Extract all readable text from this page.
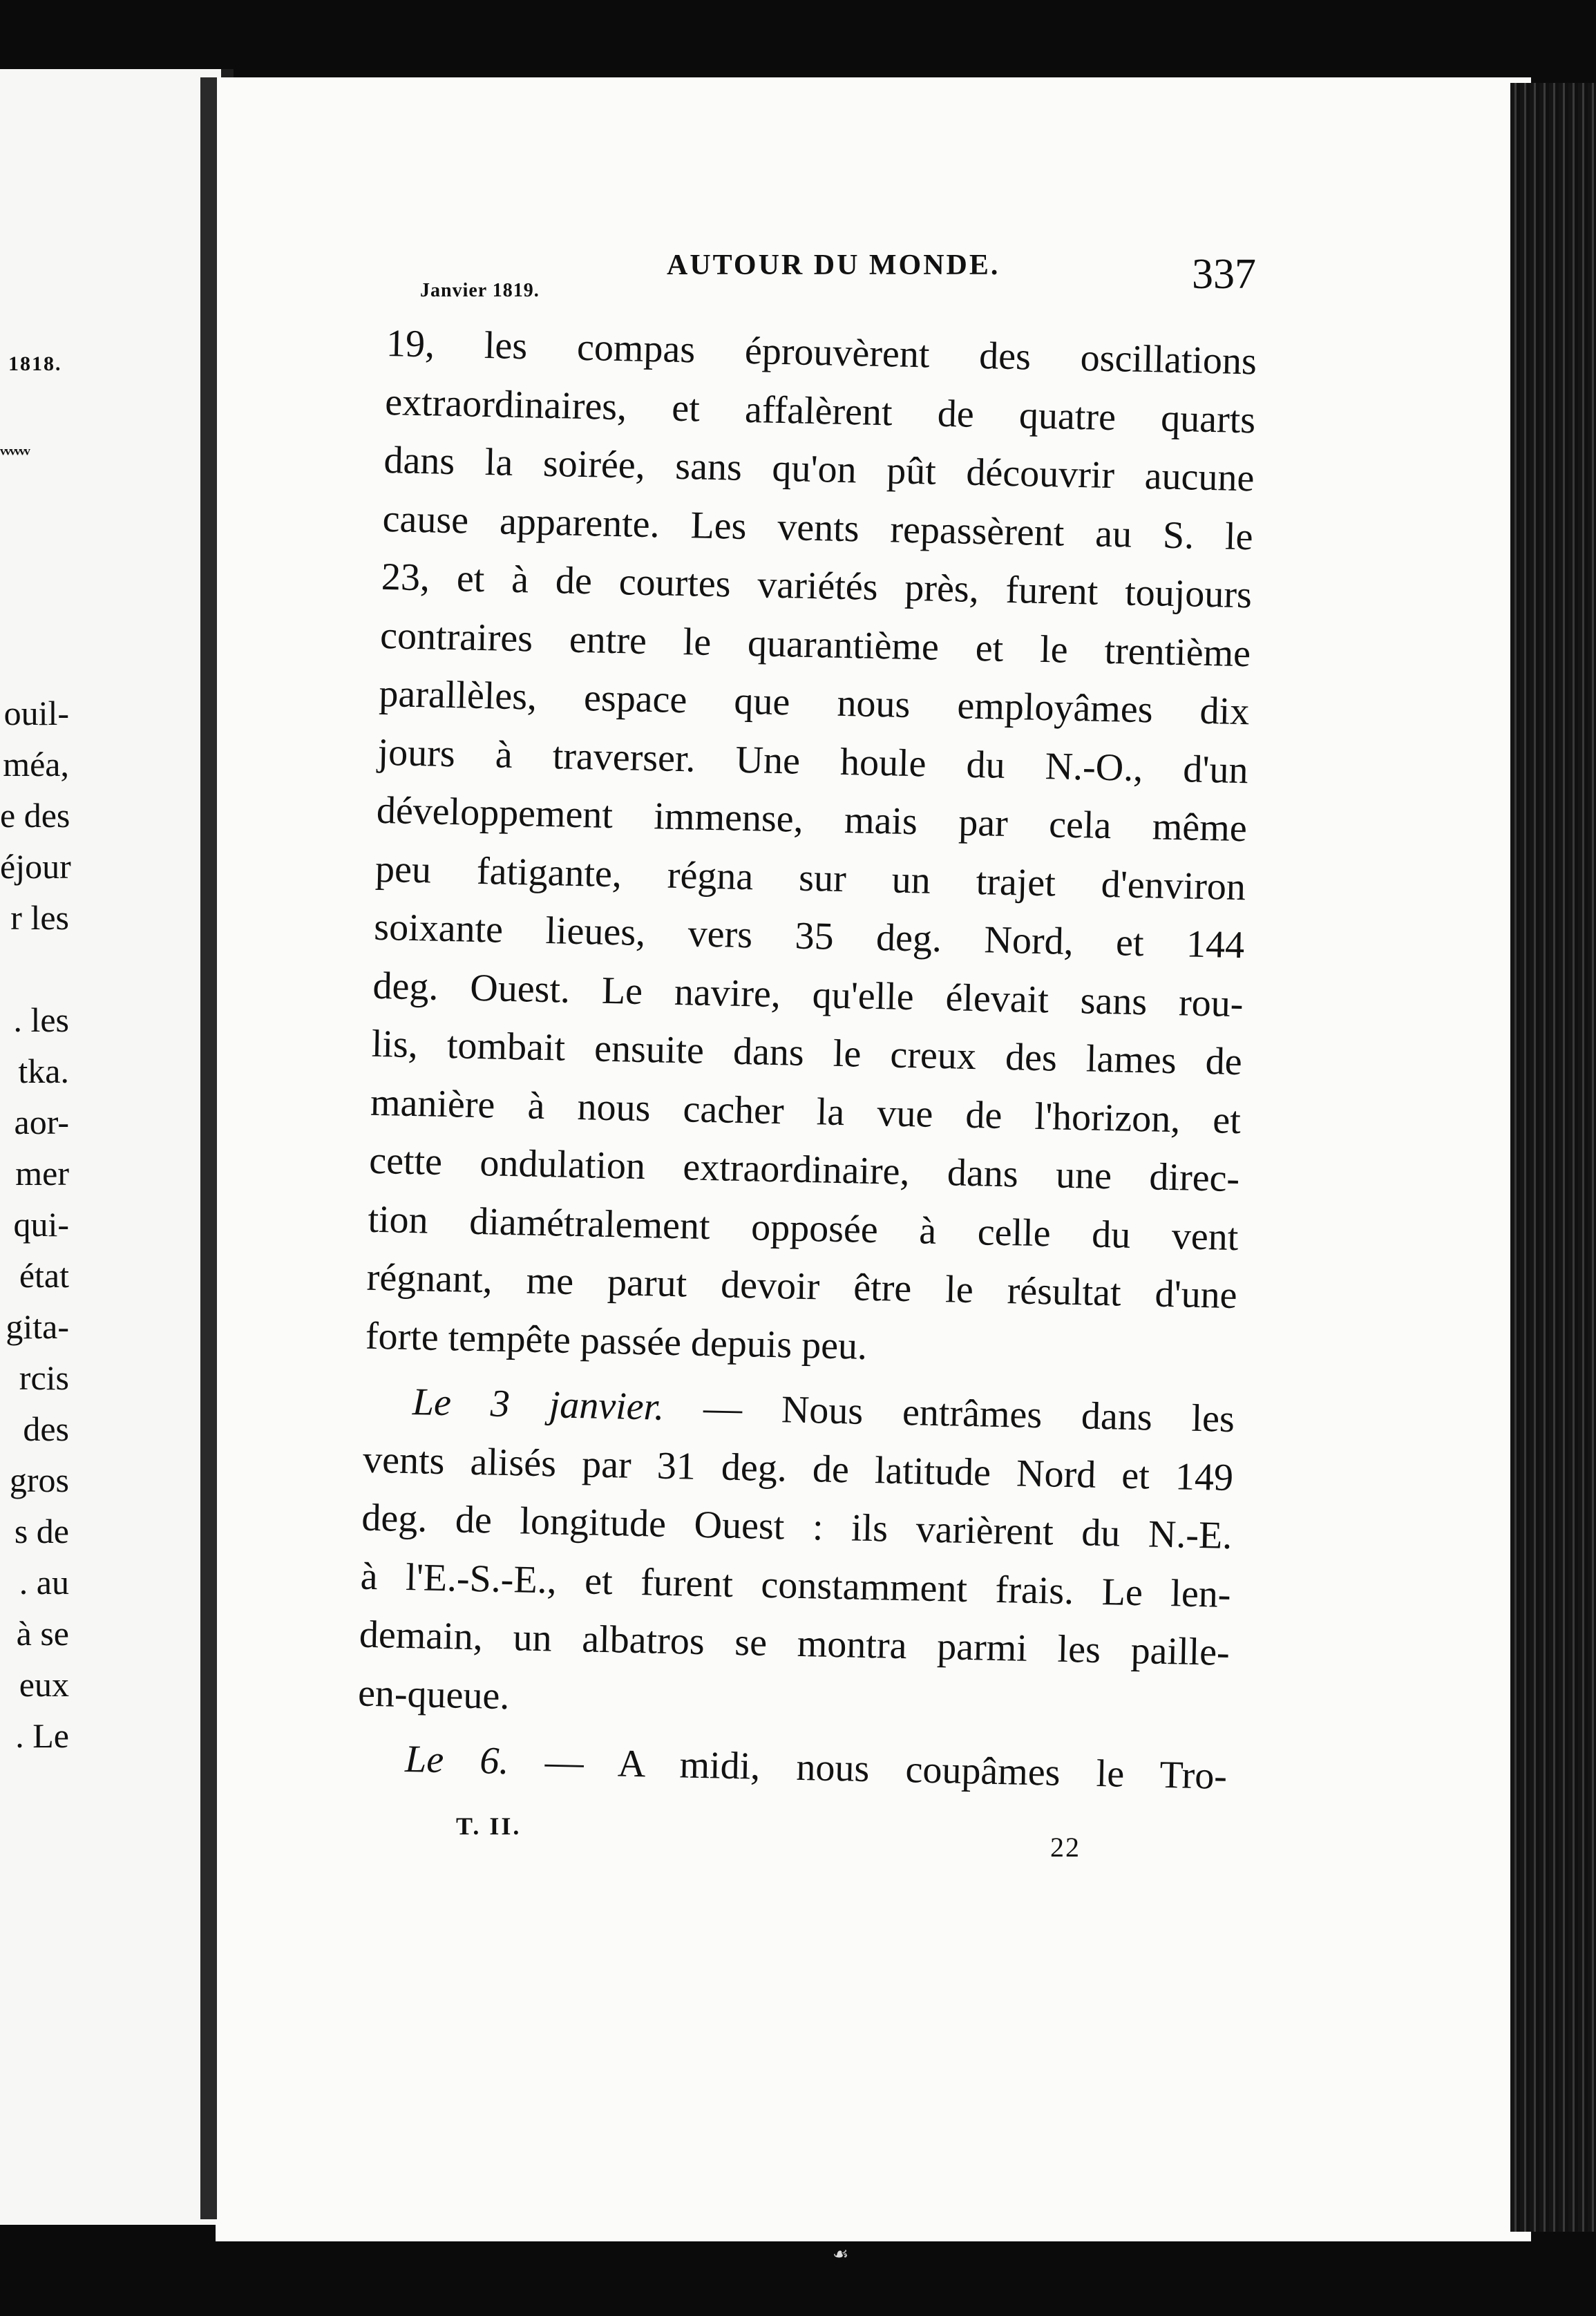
1818.
ᵥᵥᵥᵥᵥᵥ
ouil-
méa,
e des
éjour
r les

. les
tka.
aor-
mer
qui-
état
gita-
rcis
des
gros
s de
. au
à se
eux
. Le
AUTOUR DU MONDE.
Janvier 1819.	337
19, les compas éprouvèrent des oscillations
extraordinaires, et affalèrent de quatre quarts
dans la soirée, sans qu'on pût découvrir aucune
cause apparente. Les vents repassèrent au S. le
23, et à de courtes variétés près, furent toujours
contraires entre le quarantième et le trentième
parallèles, espace que nous employâmes dix
jours à traverser. Une houle du N.-O., d'un
développement immense, mais par cela même
peu fatigante, régna sur un trajet d'environ
soixante lieues, vers 35 deg. Nord, et 144
deg. Ouest. Le navire, qu'elle élevait sans rou-
lis, tombait ensuite dans le creux des lames de
manière à nous cacher la vue de l'horizon, et
cette ondulation extraordinaire, dans une direc-
tion diamétralement opposée à celle du vent
régnant, me parut devoir être le résultat d'une
forte tempête passée depuis peu.
Le 3 janvier. — Nous entrâmes dans les
vents alisés par 31 deg. de latitude Nord et 149
deg. de longitude Ouest : ils varièrent du N.-E.
à l'E.-S.-E., et furent constamment frais. Le len-
demain, un albatros se montra parmi les paille-
en-queue.
Le 6. — A midi, nous coupâmes le Tro-
T. II.
22
☙
